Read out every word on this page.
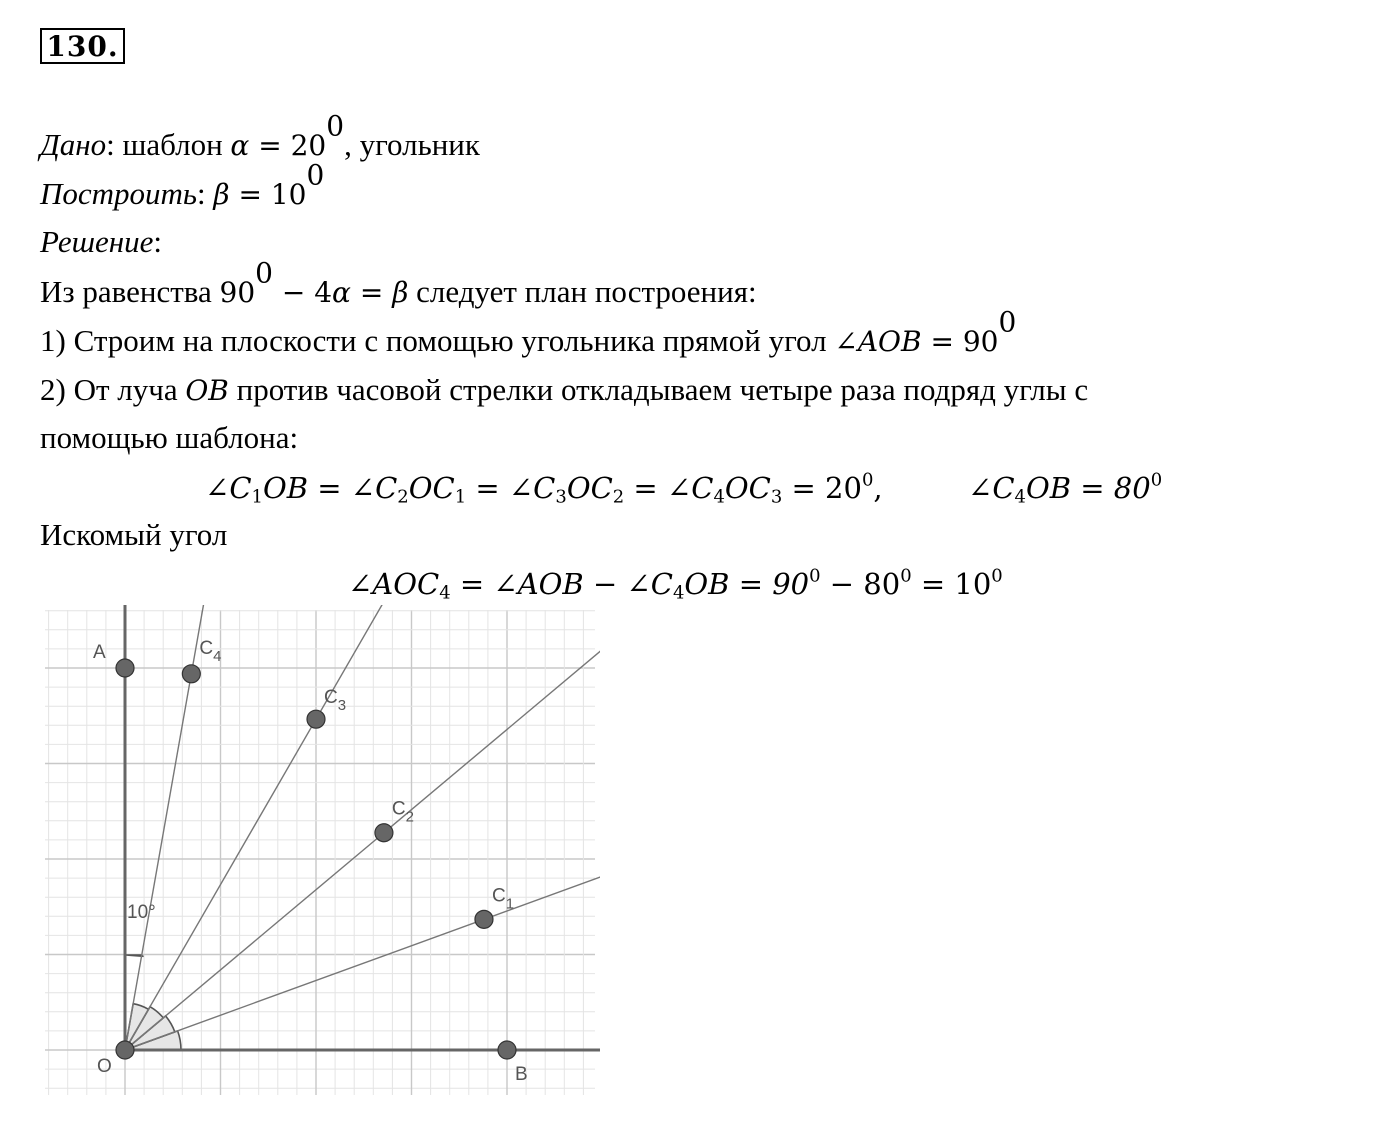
130.
Дано: шаблон $\alpha = 20^0$, угольник
Построить: $\beta = 10^0$
Решение:
Из равенства $90^0 - 4\alpha = \beta$ следует план построения:
1) Строим на плоскости с помощью угольника прямой угол ∠AOB = $90^0$
2) От луча OB против часовой стрелки откладываем четыре раза подряд углы с
помощью шаблона:
$\angle C_1OB$ = $\angle C_2OC_1$ = $\angle C_3OC_2$ = $\angle C_4OC_3 = 20^0$,	$\angle C_4OB = 80^0$
Искомый угол
$\angle AOC_4$ = ∠AOB − $\angle C_4OB = 90^0 - 80^0 = 10^0$
O
A
B
$C_1$
$C_2$
$C_3$
$C_4$
10°
